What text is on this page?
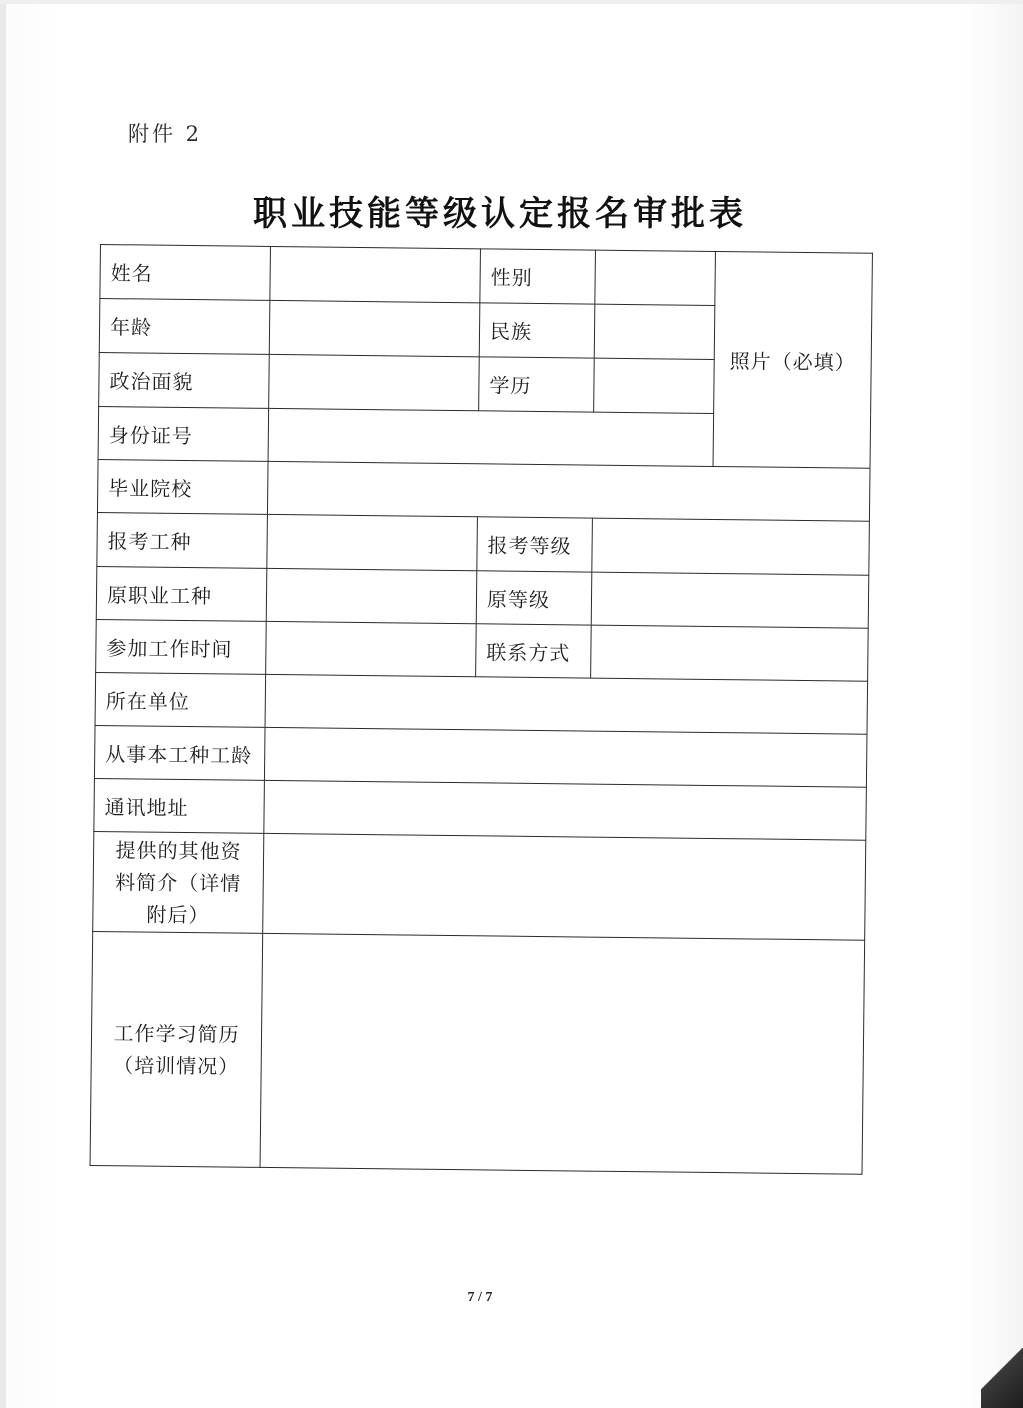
附件 2
职业技能等级认定报名审批表
姓名		性别		照片（必填）
年龄		民族		
政治面貌		学历		
身份证号				
毕业院校				
报考工种		报考等级		
原职业工种		原等级		
参加工作时间		联系方式		
所在单位				
从事本工种工龄				
通讯地址				

提供的其他资
料简介（详情
附后）				

工作学习简历
（培训情况）				

7 / 7
